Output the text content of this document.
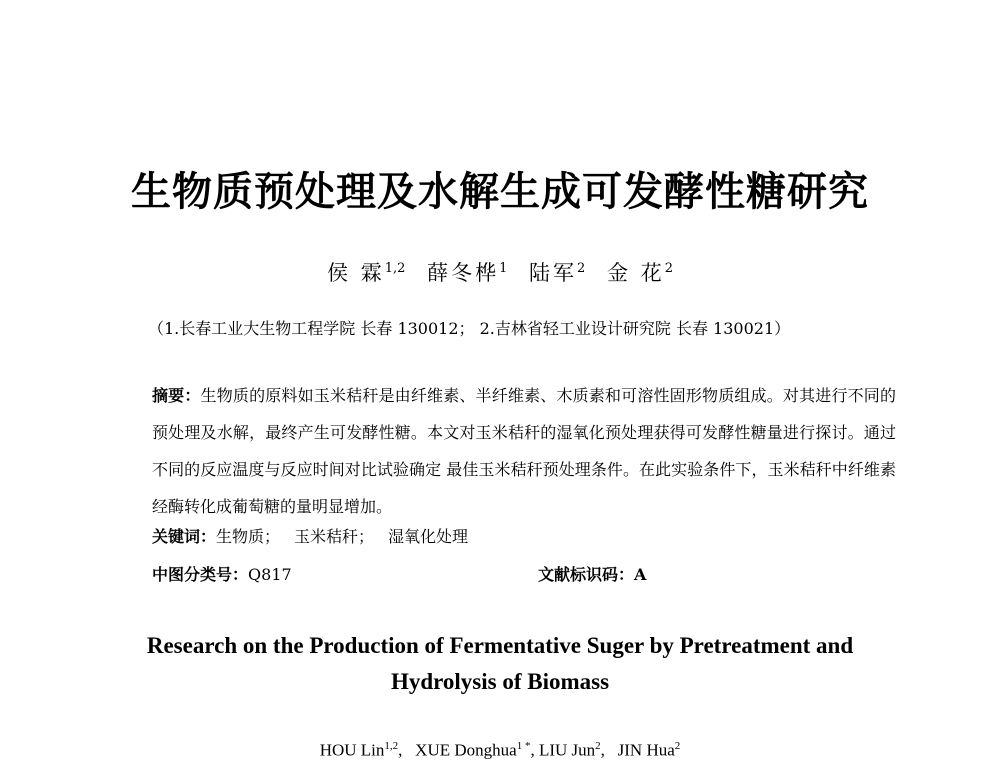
生物质预处理及水解生成可发酵性糖研究
侯 霖$^{1,2}$ 薛冬桦$^1$ 陆军$^2$ 金 花$^2$
（1.长春工业大生物工程学院 长春 130012； 2.吉林省轻工业设计研究院 长春 130021）
摘要：生物质的原料如玉米秸秆是由纤维素、半纤维素、木质素和可溶性固形物质组成。对其进行不同的预处理及水解，最终产生可发酵性糖。本文对玉米秸秆的湿氧化预处理获得可发酵性糖量进行探讨。通过不同的反应温度与反应时间对比试验确定 最佳玉米秸秆预处理条件。在此实验条件下，玉米秸秆中纤维素经酶转化成葡萄糖的量明显增加。
关键词：生物质； 玉米秸秆； 湿氧化处理
中图分类号：Q817	文献标识码：A
Research on the Production of Fermentative Suger by Pretreatment and
Hydrolysis of Biomass
HOU Lin$^{1,2}$,   XUE Donghua$^{1 *}$, LIU Jun$^2$,   JIN Hua$^2$
